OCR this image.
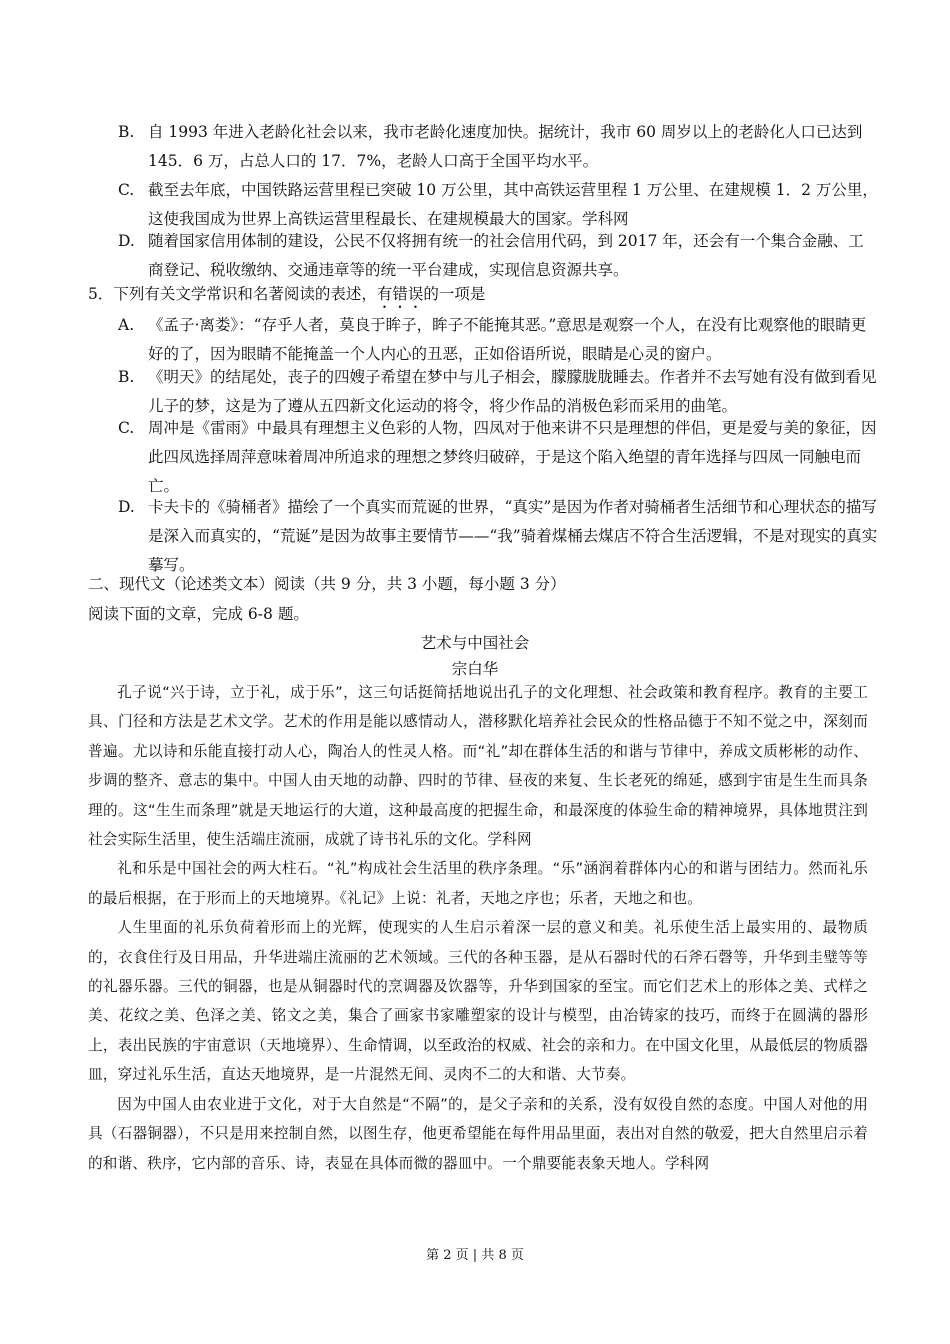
B. 自 1993 年进入老龄化社会以来，我市老龄化速度加快。据统计，我市 60 周岁以上的老龄化人口已达到 145．6 万，占总人口的 17．7%，老龄人口高于全国平均水平。
C. 截至去年底，中国铁路运营里程已突破 10 万公里，其中高铁运营里程 1 万公里、在建规模 1．2 万公里，这使我国成为世界上高铁运营里程最长、在建规模最大的国家。学科网
D. 随着国家信用体制的建设，公民不仅将拥有统一的社会信用代码，到 2017 年，还会有一个集合金融、工商登记、税收缴纳、交通违章等的统一平台建成，实现信息资源共享。
5．下列有关文学常识和名著阅读的表述，有错误的一项是
A. 《孟子·离娄》：“存乎人者，莫良于眸子，眸子不能掩其恶。”意思是观察一个人，在没有比观察他的眼睛更好的了，因为眼睛不能掩盖一个人内心的丑恶，正如俗语所说，眼睛是心灵的窗户。
B. 《明天》的结尾处，丧子的四嫂子希望在梦中与儿子相会，朦朦胧胧睡去。作者并不去写她有没有做到看见儿子的梦，这是为了遵从五四新文化运动的将令，将少作品的消极色彩而采用的曲笔。
C. 周冲是《雷雨》中最具有理想主义色彩的人物，四凤对于他来讲不只是理想的伴侣，更是爱与美的象征，因此四凤选择周萍意味着周冲所追求的理想之梦终归破碎，于是这个陷入绝望的青年选择与四凤一同触电而亡。
D. 卡夫卡的《骑桶者》描绘了一个真实而荒诞的世界，“真实”是因为作者对骑桶者生活细节和心理状态的描写是深入而真实的，“荒诞”是因为故事主要情节——“我”骑着煤桶去煤店不符合生活逻辑，不是对现实的真实摹写。
二、现代文（论述类文本）阅读（共 9 分，共 3 小题，每小题 3 分）
阅读下面的文章，完成 6-8 题。
艺术与中国社会
宗白华

孔子说“兴于诗，立于礼，成于乐”，这三句话挺简括地说出孔子的文化理想、社会政策和教育程序。教育的主要工具、门径和方法是艺术文学。艺术的作用是能以感情动人，潜移默化培养社会民众的性格品德于不知不觉之中，深刻而普遍。尤以诗和乐能直接打动人心，陶冶人的性灵人格。而“礼”却在群体生活的和谐与节律中，养成文质彬彬的动作、步调的整齐、意志的集中。中国人由天地的动静、四时的节律、昼夜的来复、生长老死的绵延，感到宇宙是生生而具条理的。这“生生而条理”就是天地运行的大道，这种最高度的把握生命，和最深度的体验生命的精神境界，具体地贯注到社会实际生活里，使生活端庄流丽，成就了诗书礼乐的文化。学科网

礼和乐是中国社会的两大柱石。“礼”构成社会生活里的秩序条理。“乐”涵润着群体内心的和谐与团结力。然而礼乐的最后根据，在于形而上的天地境界。《礼记》上说：礼者，天地之序也；乐者，天地之和也。

人生里面的礼乐负荷着形而上的光辉，使现实的人生启示着深一层的意义和美。礼乐使生活上最实用的、最物质的，衣食住行及日用品，升华进端庄流丽的艺术领域。三代的各种玉器，是从石器时代的石斧石磬等，升华到圭璧等等的礼器乐器。三代的铜器，也是从铜器时代的烹调器及饮器等，升华到国家的至宝。而它们艺术上的形体之美、式样之美、花纹之美、色泽之美、铭文之美，集合了画家书家雕塑家的设计与模型，由冶铸家的技巧，而终于在圆满的器形上，表出民族的宇宙意识（天地境界）、生命情调，以至政治的权威、社会的亲和力。在中国文化里，从最低层的物质器皿，穿过礼乐生活，直达天地境界，是一片混然无间、灵肉不二的大和谐、大节奏。

因为中国人由农业进于文化，对于大自然是“不隔”的，是父子亲和的关系，没有奴役自然的态度。中国人对他的用具（石器铜器），不只是用来控制自然，以图生存，他更希望能在每件用品里面，表出对自然的敬爱，把大自然里启示着的和谐、秩序，它内部的音乐、诗，表显在具体而微的器皿中。一个鼎要能表象天地人。学科网

第 2 页 | 共 8 页
